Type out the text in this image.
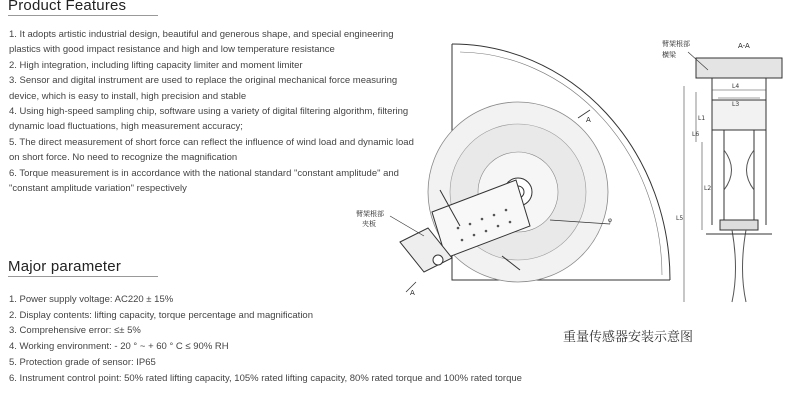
Product Features
1. It adopts artistic industrial design, beautiful and generous shape, and special engineering
plastics with good impact resistance and high and low temperature resistance
2. High integration, including lifting capacity limiter and moment limiter
3. Sensor and digital instrument are used to replace the original mechanical force measuring
device, which is easy to install, high precision and stable
4. Using high-speed sampling chip, software using a variety of digital filtering algorithm, filtering
dynamic load fluctuations, high measurement accuracy;
5. The direct measurement of short force can reflect the influence of wind load and dynamic load
on short force. No need to recognize the magnification
6. Torque measurement is in accordance with the national standard "constant amplitude" and
"constant amplitude variation" respectively
Major parameter
1. Power supply voltage: AC220 ± 15%
2. Display contents: lifting capacity, torque percentage and magnification
3. Comprehensive error: ≤± 5%
4. Working environment: - 20 ° ~ + 60 ° C ≤ 90% RH
5. Protection grade of sensor: IP65
6. Instrument control point: 50% rated lifting capacity, 105% rated lifting capacity, 80% rated torque and 100% rated torque
A
A
φ
臂架根部
夹板
L4
L3
L2
L1
L5
L6
A-A
臂架根部
横梁
重量传感器安装示意图
